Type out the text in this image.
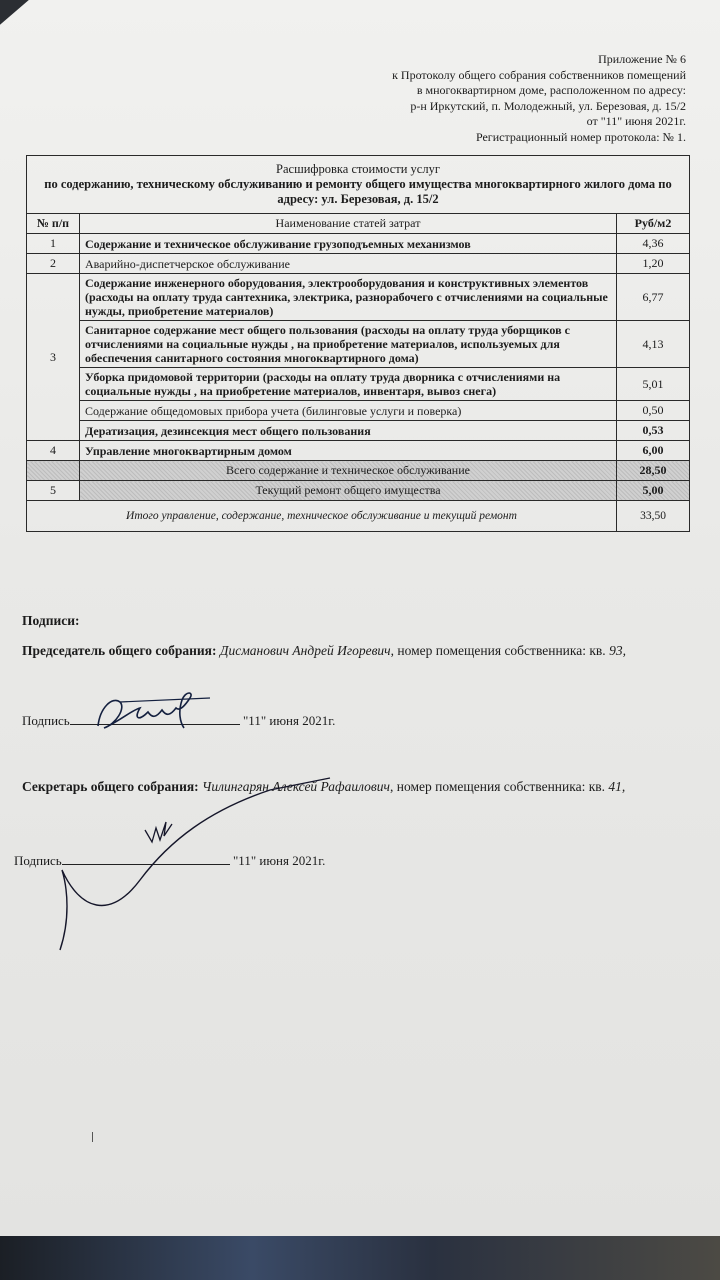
Приложение № 6
к Протоколу общего собрания собственников помещений
в многоквартирном доме, расположенном по адресу:
р-н Иркутский, п. Молодежный, ул. Березовая, д. 15/2
от "11" июня 2021г.
Регистрационный номер протокола: № 1.
Расшифровка стоимости услуг
по содержанию, техническому обслуживанию и ремонту общего имущества многоквартирного жилого дома по адресу: ул. Березовая, д. 15/2		

№ п/п	Наименование статей затрат	Руб/м2
1	Содержание и техническое обслуживание грузоподъемных механизмов	4,36
2	Аварийно-диспетчерское обслуживание	1,20
3	Содержание инженерного оборудования, электрооборудования и конструктивных элементов (расходы на оплату труда сантехника, электрика, разнорабочего с отчислениями на социальные нужды, приобретение материалов)	6,77
	Санитарное содержание мест общего пользования (расходы на оплату труда уборщиков с отчислениями на социальные нужды , на приобретение материалов, используемых для обеспечения санитарного состояния многоквартирного дома)	4,13
	Уборка придомовой территории (расходы на оплату труда дворника с отчислениями на социальные нужды , на приобретение материалов, инвентаря, вывоз снега)	5,01
	Содержание общедомовых прибора учета (билинговые услуги и поверка)	0,50
	Дератизация, дезинсекция мест общего пользования	0,53
4	Управление многоквартирным домом	6,00
	Всего содержание и техническое обслуживание	28,50
5	Текущий ремонт общего имущества	5,00
Итого управление, содержание, техническое обслуживание и текущий ремонт		33,50
Подписи:
Председатель общего собрания: Дисманович Андрей Игоревич, номер помещения собственника: кв. 93,
Подпись	"11" июня 2021г.
Секретарь общего собрания: Чилингарян Алексей Рафаилович, номер помещения собственника: кв. 41,
Подпись	"11" июня 2021г.
